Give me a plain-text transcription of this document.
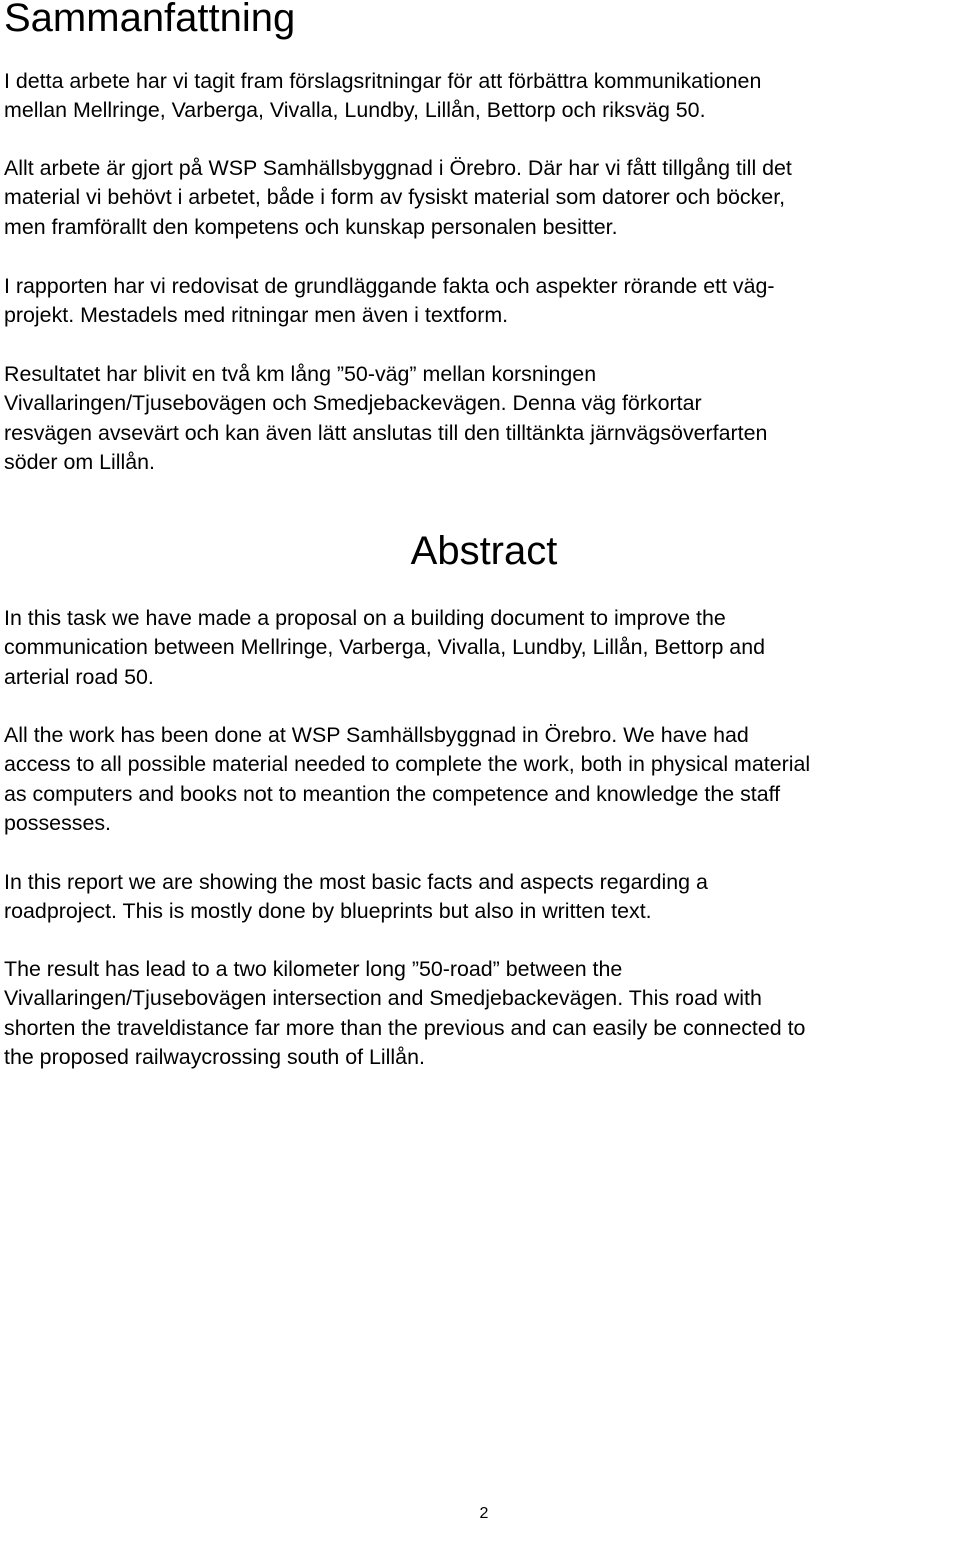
Sammanfattning

I detta arbete har vi tagit fram förslagsritningar för att förbättra kommunikationen
mellan Mellringe, Varberga, Vivalla, Lundby, Lillån, Bettorp och riksväg 50.

Allt arbete är gjort på WSP Samhällsbyggnad i Örebro. Där har vi fått tillgång till det
material vi behövt i arbetet, både i form av fysiskt material som datorer och böcker,
men framförallt den kompetens och kunskap personalen besitter.

I rapporten har vi redovisat de grundläggande fakta och aspekter rörande ett väg-
projekt. Mestadels med ritningar men även i textform.

Resultatet har blivit en två km lång ”50-väg” mellan korsningen
Vivallaringen/Tjusebovägen och Smedjebackevägen. Denna väg förkortar
resvägen avsevärt och kan även lätt anslutas till den tilltänkta järnvägsöverfarten
söder om Lillån.

Abstract

In this task we have made a proposal on a building document to improve the
communication between Mellringe, Varberga, Vivalla, Lundby, Lillån, Bettorp and
arterial road 50.

All the work has been done at WSP Samhällsbyggnad in Örebro. We have had
access to all possible material needed to complete the work, both in physical material
as computers and books not to meantion the competence and knowledge the staff
possesses.

In this report we are showing the most basic facts and aspects regarding a
roadproject. This is mostly done by blueprints but also in written text.

The result has lead to a two kilometer long ”50-road” between the
Vivallaringen/Tjusebovägen intersection and Smedjebackevägen. This road with
shorten the traveldistance far more than the previous and can easily be connected to
the proposed railwaycrossing south of Lillån.

2
